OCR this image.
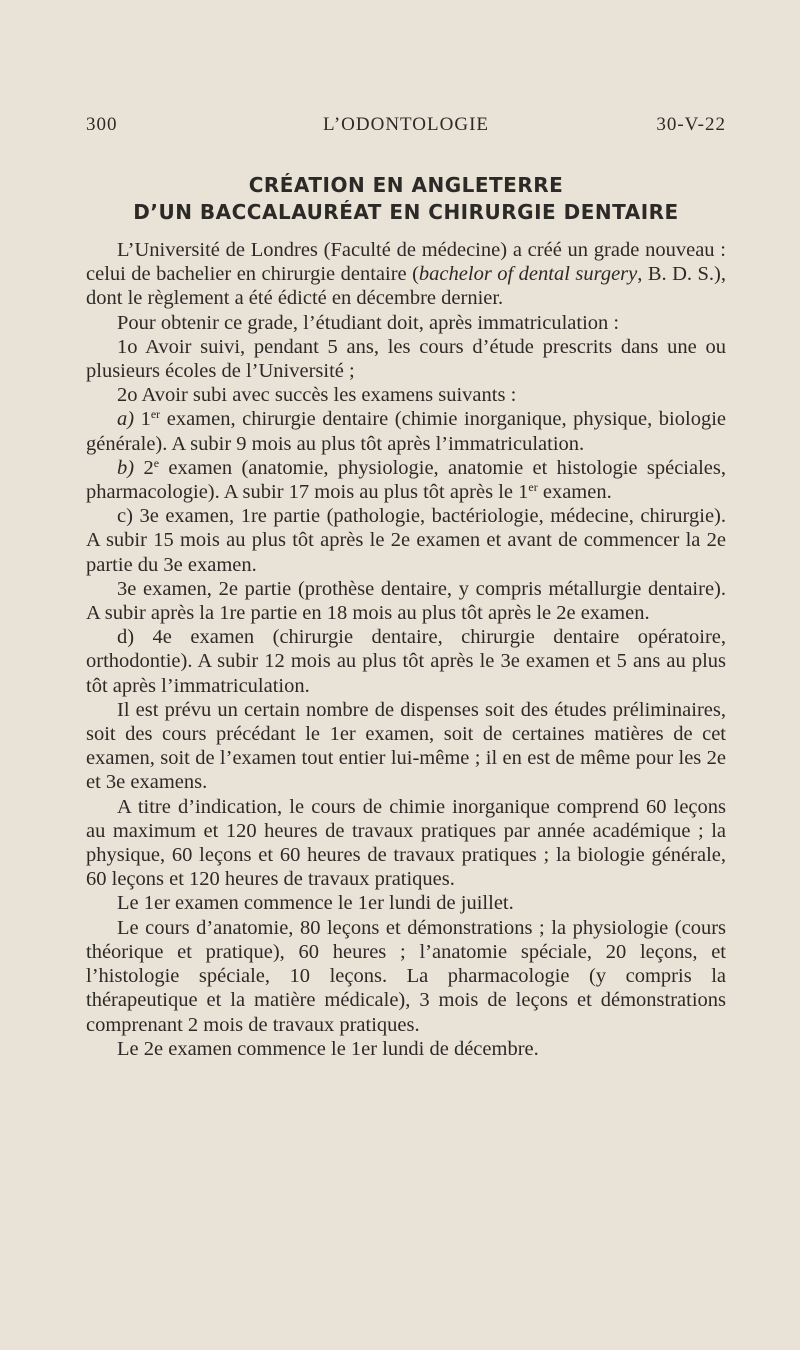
L’ODONTOLOGIE
300	30-V-22
CRÉATION EN ANGLETERRE
D’UN BACCALAURÉAT EN CHIRURGIE DENTAIRE

L’Université de Londres (Faculté de médecine) a créé un grade nouveau : celui de bachelier en chirurgie dentaire (bachelor of dental surgery, B. D. S.), dont le règlement a été édicté en décembre dernier.

Pour obtenir ce grade, l’étudiant doit, après immatriculation :

1o Avoir suivi, pendant 5 ans, les cours d’étude prescrits dans une ou plusieurs écoles de l’Université ;

2o Avoir subi avec succès les examens suivants :

a) 1er examen, chirurgie dentaire (chimie inorganique, physique, biologie générale). A subir 9 mois au plus tôt après l’immatriculation.

b) 2e examen (anatomie, physiologie, anatomie et histologie spéciales, pharmacologie). A subir 17 mois au plus tôt après le 1er examen.

c) 3e examen, 1re partie (pathologie, bactériologie, médecine, chirurgie). A subir 15 mois au plus tôt après le 2e examen et avant de commencer la 2e partie du 3e examen.

3e examen, 2e partie (prothèse dentaire, y compris métallurgie dentaire). A subir après la 1re partie en 18 mois au plus tôt après le 2e examen.

d) 4e examen (chirurgie dentaire, chirurgie dentaire opératoire, orthodontie). A subir 12 mois au plus tôt après le 3e examen et 5 ans au plus tôt après l’immatriculation.

Il est prévu un certain nombre de dispenses soit des études préliminaires, soit des cours précédant le 1er examen, soit de certaines matières de cet examen, soit de l’examen tout entier lui-même ; il en est de même pour les 2e et 3e examens.

A titre d’indication, le cours de chimie inorganique comprend 60 leçons au maximum et 120 heures de travaux pratiques par année académique ; la physique, 60 leçons et 60 heures de travaux pratiques ; la biologie générale, 60 leçons et 120 heures de travaux pratiques.

Le 1er examen commence le 1er lundi de juillet.

Le cours d’anatomie, 80 leçons et démonstrations ; la physiologie (cours théorique et pratique), 60 heures ; l’anatomie spéciale, 20 leçons, et l’histologie spéciale, 10 leçons. La pharmacologie (y compris la thérapeutique et la matière médicale), 3 mois de leçons et démonstrations comprenant 2 mois de travaux pratiques.

Le 2e examen commence le 1er lundi de décembre.
